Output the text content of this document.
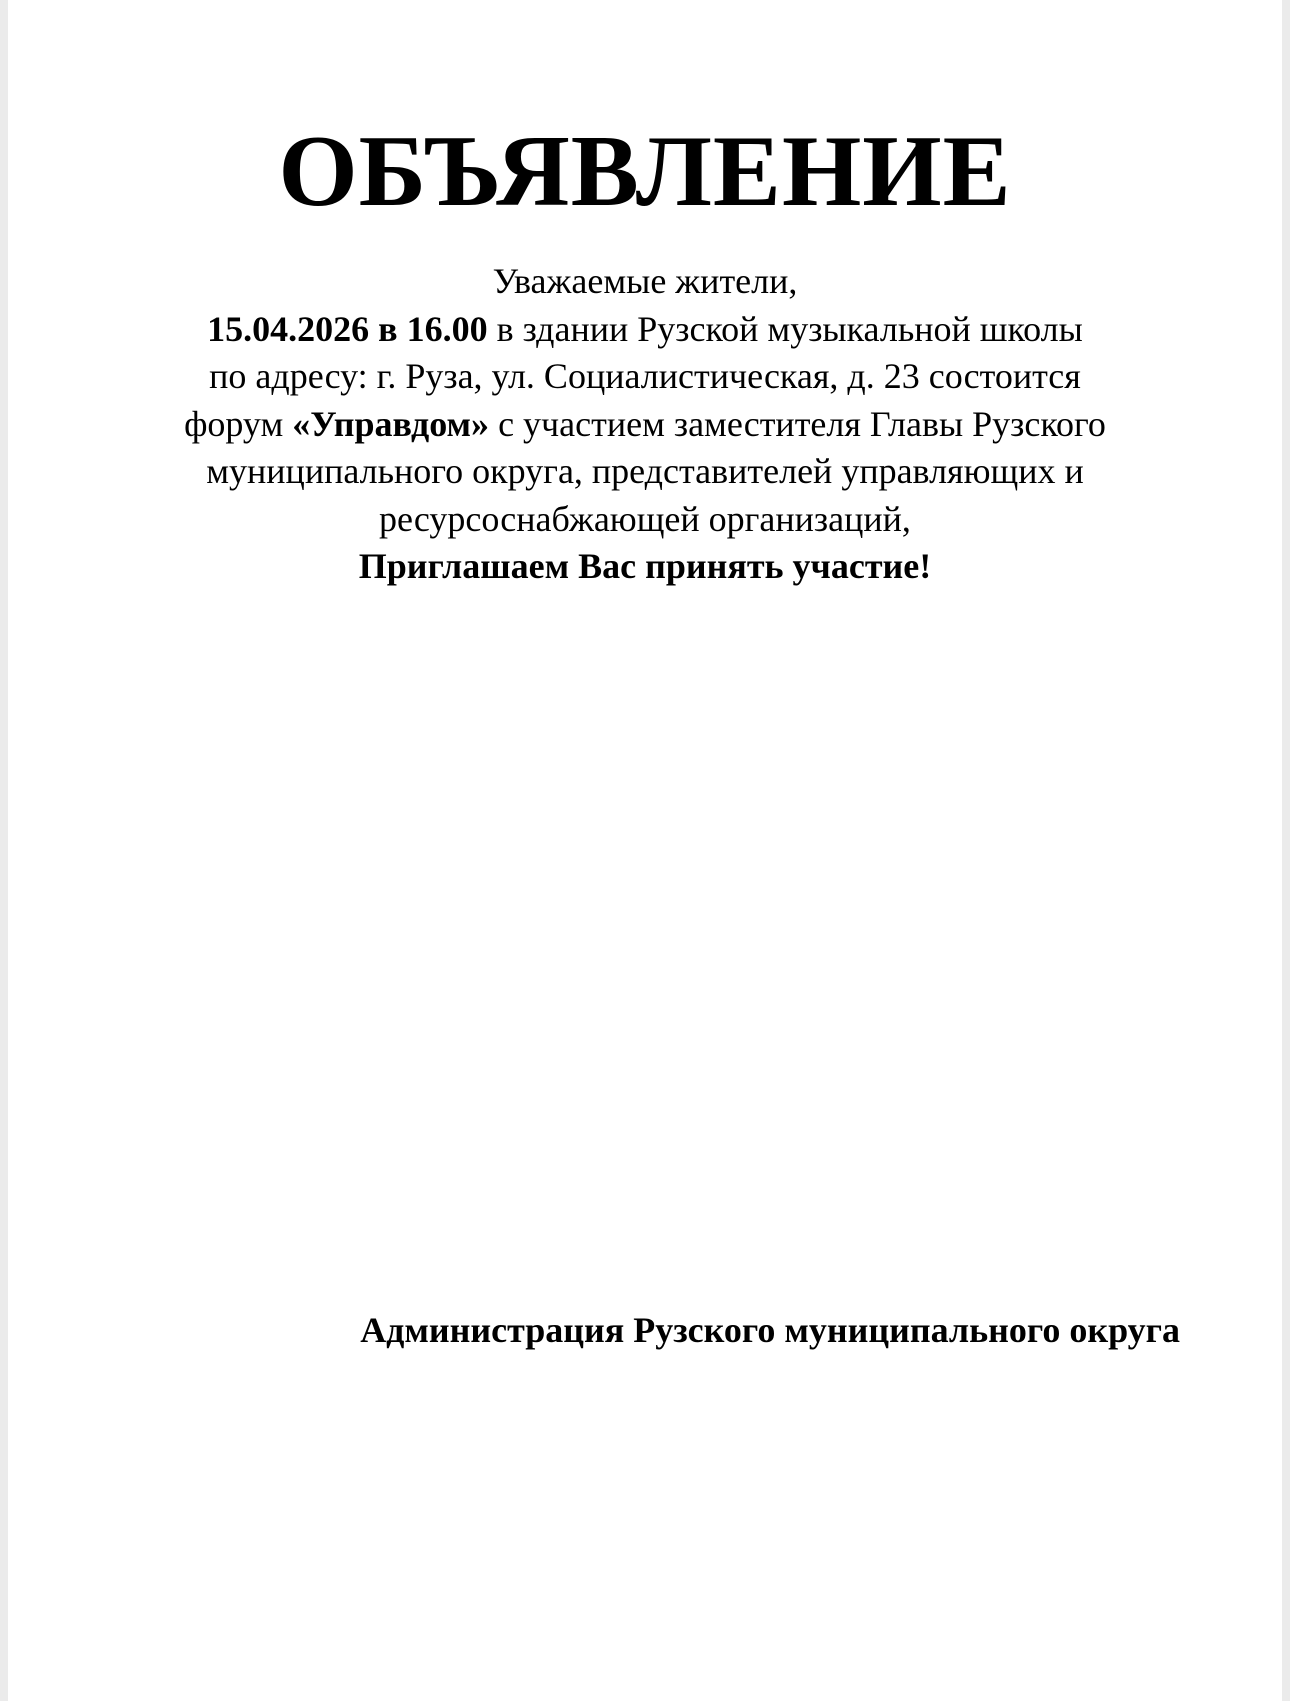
ОБЪЯВЛЕНИЕ
Уважаемые жители,
15.04.2026 в 16.00 в здании Рузской музыкальной школы
по адресу: г. Руза, ул. Социалистическая, д. 23 состоится
форум «Управдом» с участием заместителя Главы Рузского
муниципального округа, представителей управляющих и
ресурсоснабжающей организаций,
Приглашаем Вас принять участие!

Администрация Рузского муниципального округа
